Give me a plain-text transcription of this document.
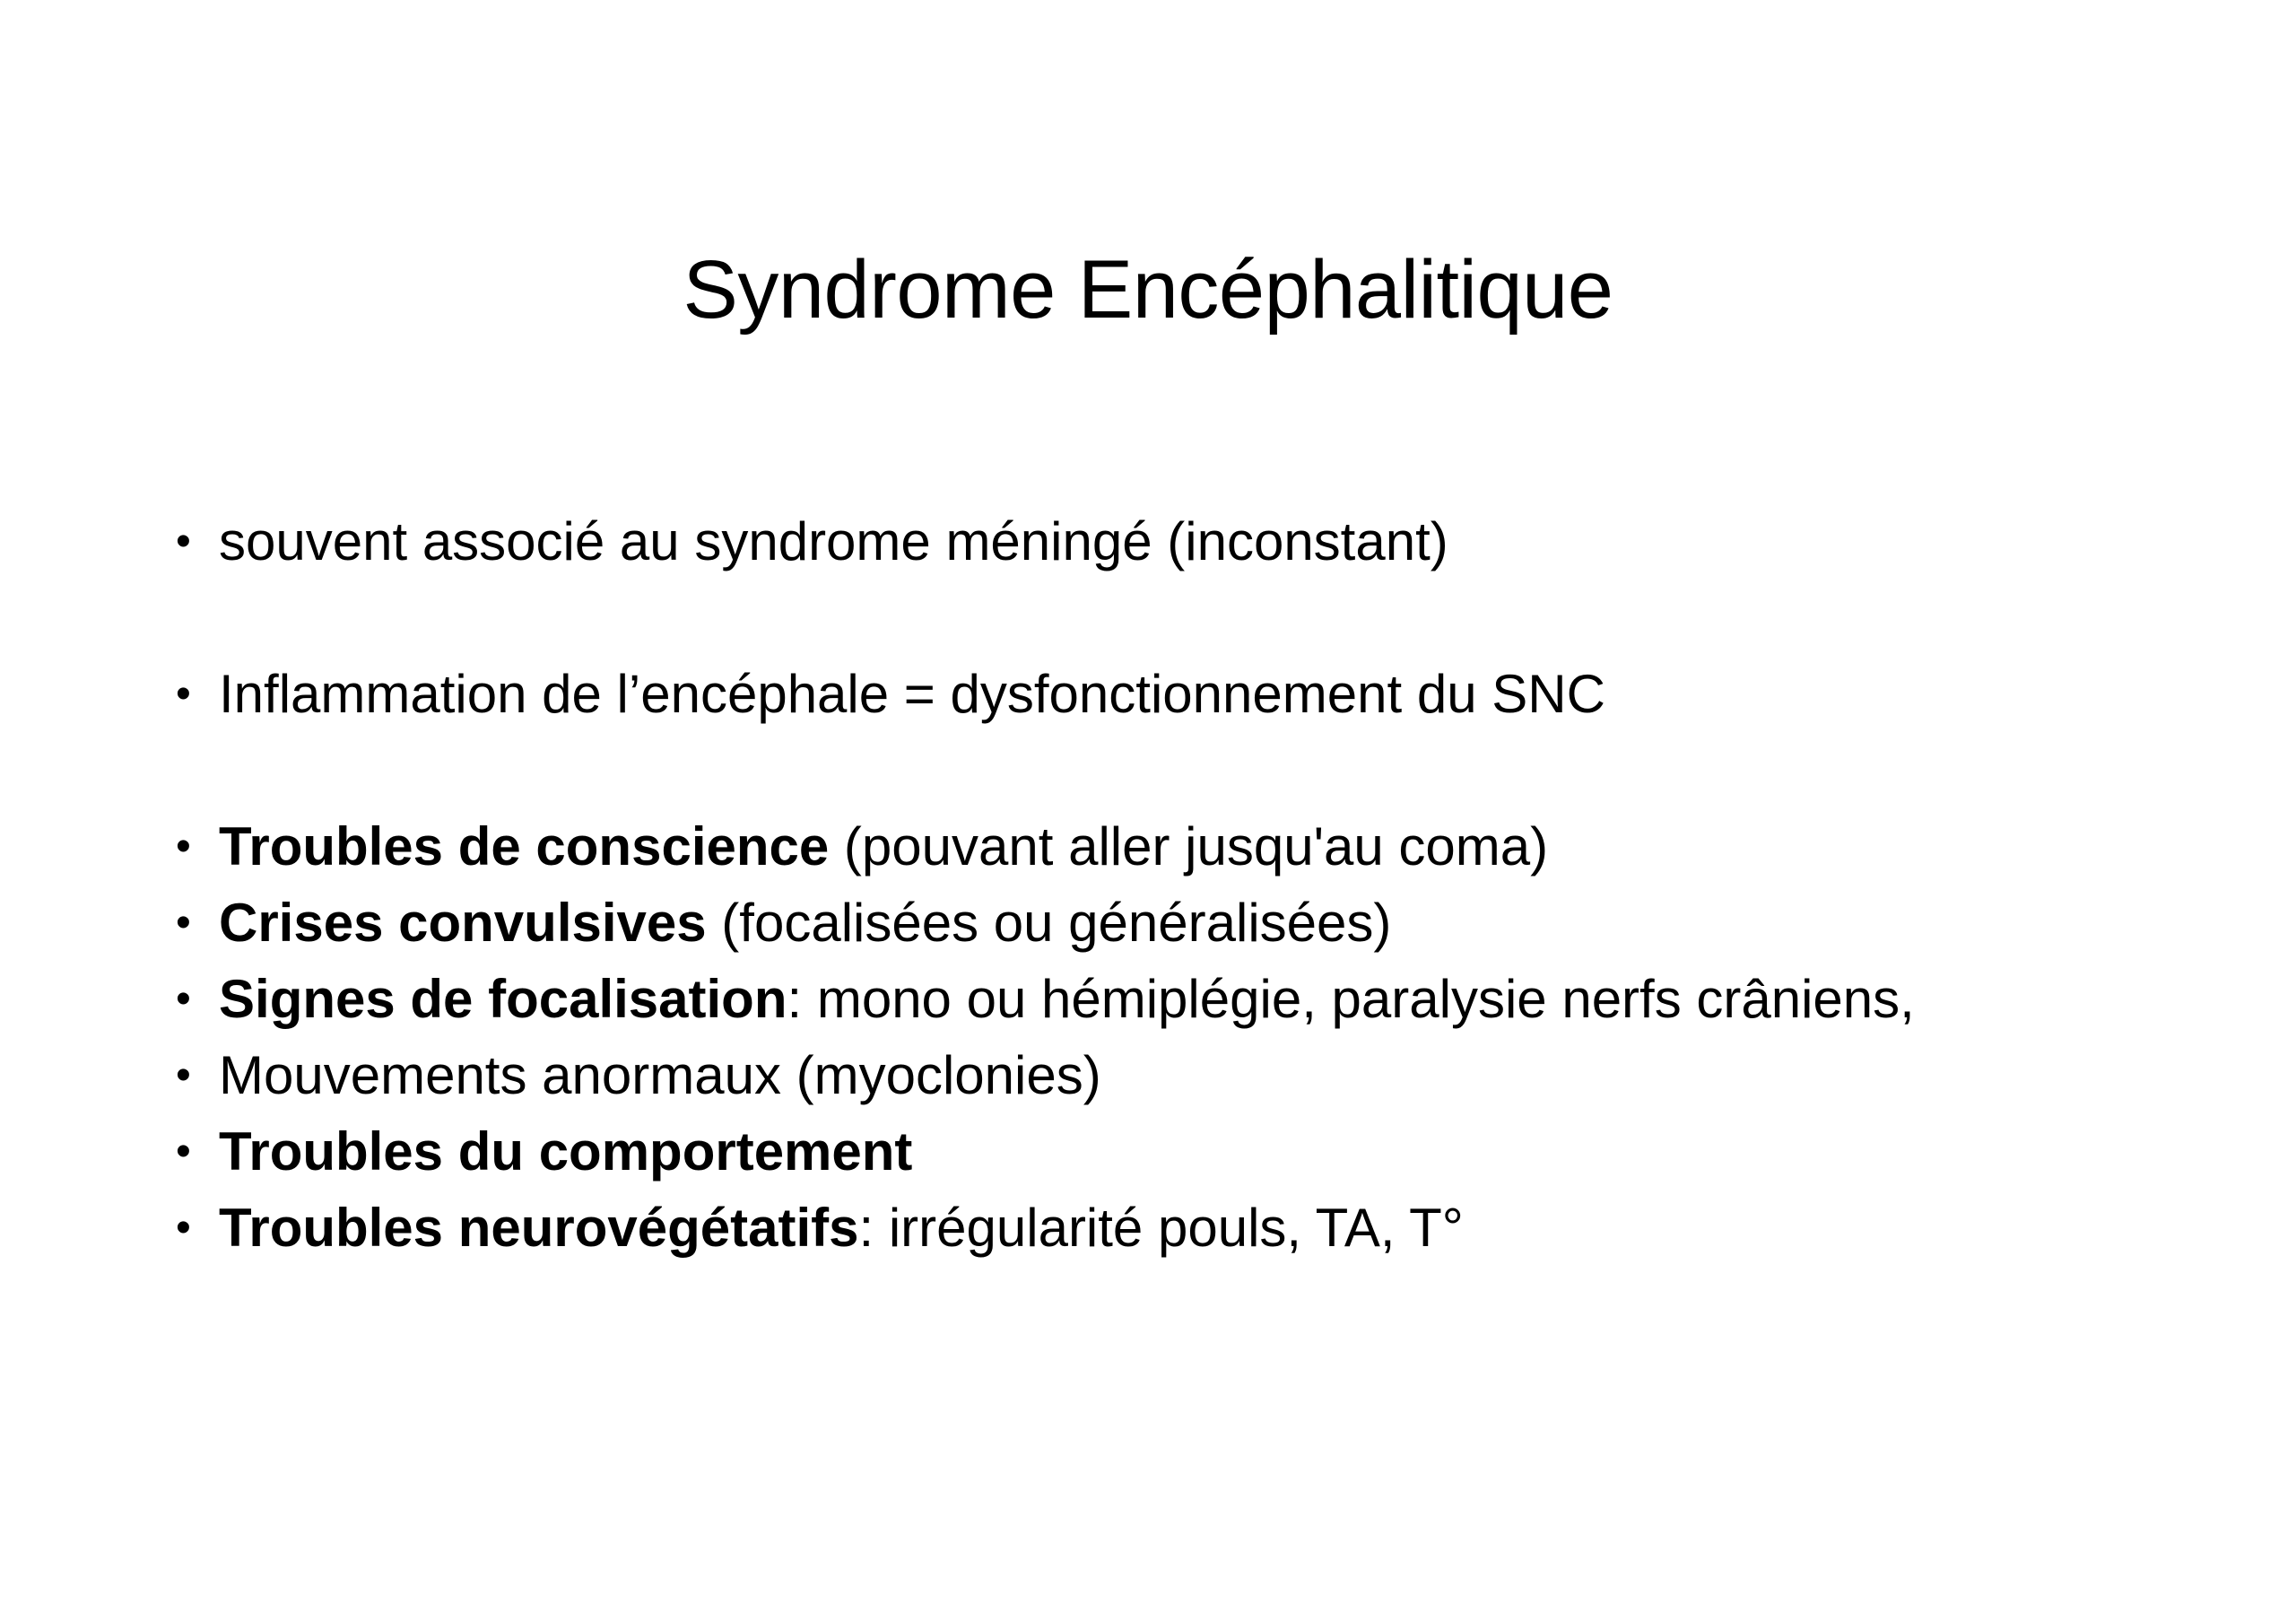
Syndrome Encéphalitique
• souvent associé au syndrome méningé (inconstant)
• Inflammation de l’encéphale = dysfonctionnement du SNC
• Troubles de conscience (pouvant aller jusqu'au coma)
• Crises convulsives (focalisées ou généralisées)
• Signes de focalisation: mono ou hémiplégie, paralysie nerfs crâniens,
• Mouvements anormaux (myoclonies)
• Troubles du comportement
• Troubles neurovégétatifs: irrégularité pouls, TA, T°
